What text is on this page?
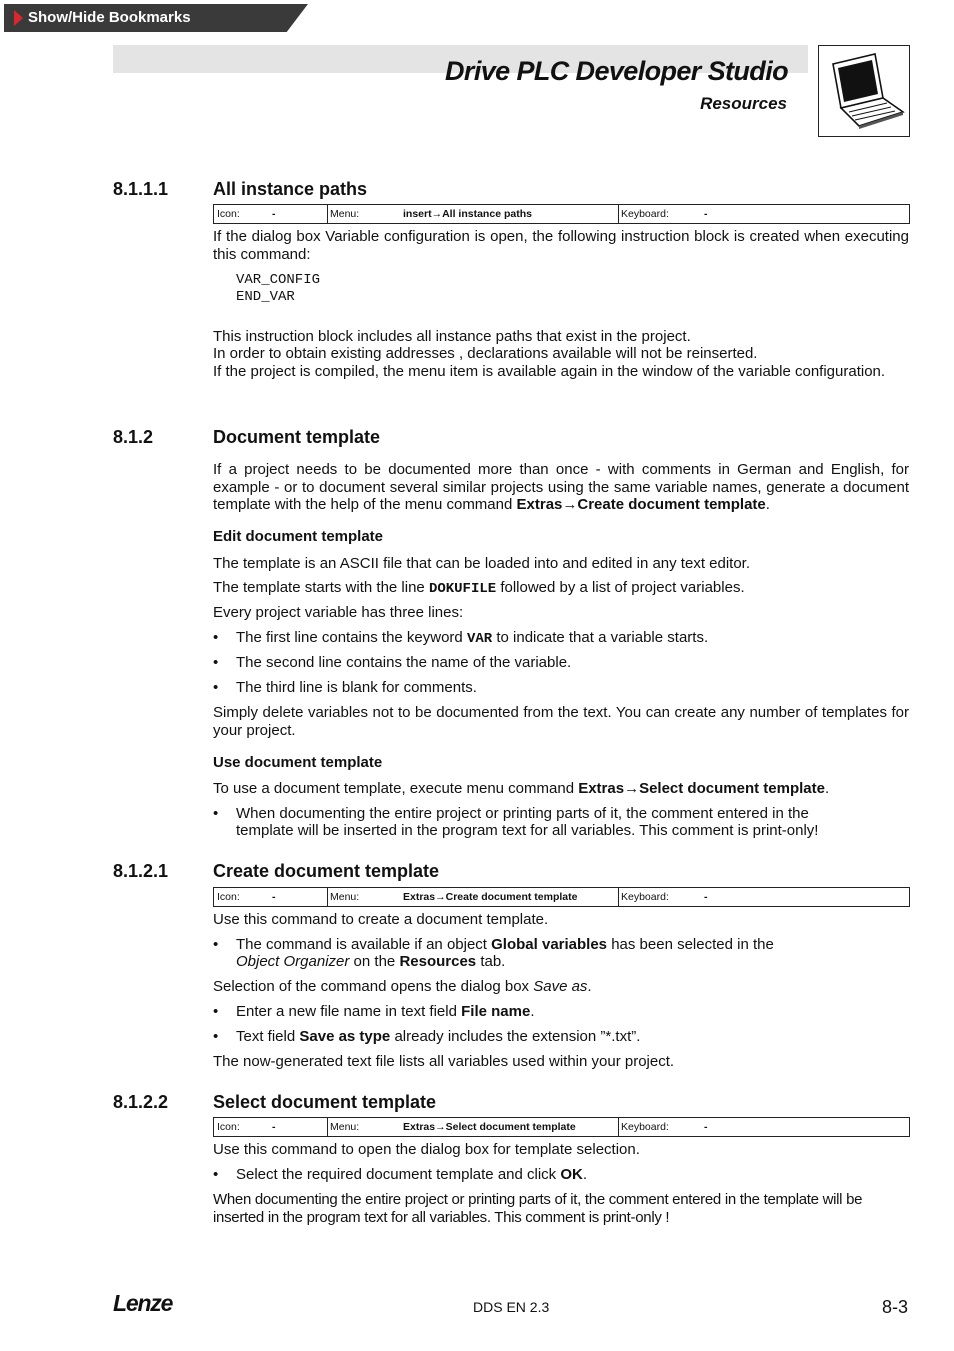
Show/Hide Bookmarks
Drive PLC Developer Studio
Resources
8.1.1.1 All instance paths
Icon:	-	Menu:	insert→All instance paths	Keyboard:	-

If the dialog box Variable configuration is open, the following instruction block is created when executing this command:

VAR_CONFIG
END_VAR
This instruction block includes all instance paths that exist in the project.
In order to obtain existing addresses , declarations available will not be reinserted.

If the project is compiled, the menu item is available again in the window of the variable configuration.

8.1.2	Document template

If a project needs to be documented more than once - with comments in German and English, for example - or to document several similar projects using the same variable names, generate a document template with the help of the menu command Extras→Create document template.

Edit document template
The template is an ASCII file that can be loaded into and edited in any text editor.
The template starts with the line DOKUFILE followed by a list of project variables.
Every project variable has three lines:
• The first line contains the keyword VAR to indicate that a variable starts.
• The second line contains the name of the variable.
• The third line is blank for comments.

Simply delete variables not to be documented from the text. You can create any number of templates for your project.

Use document template
To use a document template, execute menu command Extras→Select document template.
• When documenting the entire project or printing parts of it, the comment entered in the
template will be inserted in the program text for all variables. This comment is print-only!
8.1.2.1 Create document template
Icon:	-	Menu:	Extras→Create document template	Keyboard:	-
Use this command to create a document template.
• The command is available if an object Global variables has been selected in the
Object Organizer on the Resources tab.
Selection of the command opens the dialog box Save as.
• Enter a new file name in text field File name.
• Text field Save as type already includes the extension ”*.txt”.
The now-generated text file lists all variables used within your project.
8.1.2.2 Select document template
Icon:	-	Menu:	Extras→Select document template	Keyboard:	-
Use this command to open the dialog box for template selection.
• Select the required document template and click OK.

When documenting the entire project or printing parts of it, the comment entered in the template will be inserted in the program text for all variables. This comment is print-only !

Lenze	DDS EN 2.3	8-3
